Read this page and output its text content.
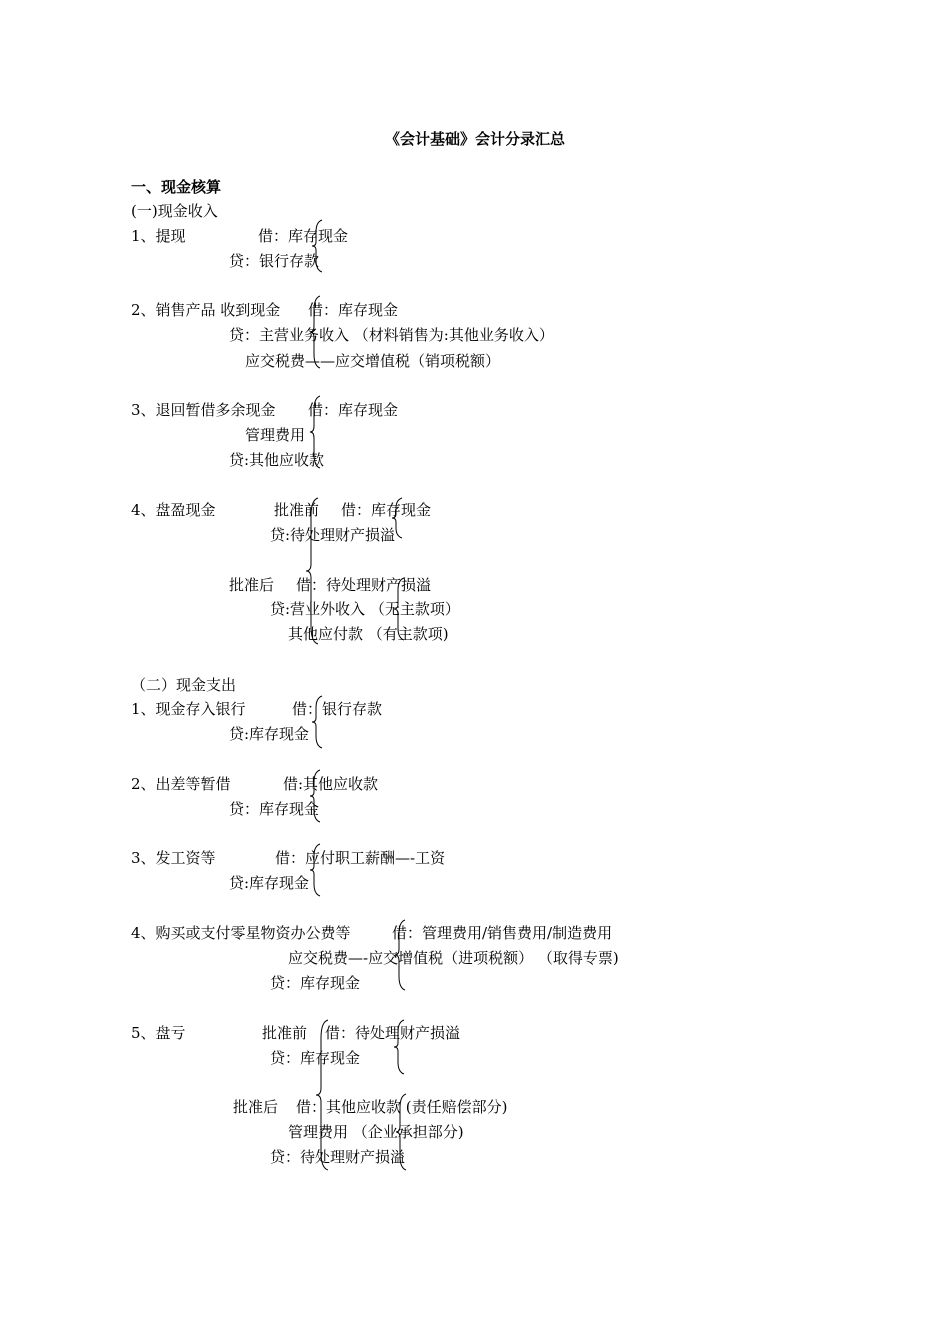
《会计基础》会计分录汇总
一、现金核算
(一)现金收入
1、提现	借：库存现金
贷：银行存款
2、销售产品 收到现金 借：库存现金
贷：主营业务收入 （材料销售为:其他业务收入）
应交税费——应交增值税（销项税额）
3、退回暂借多余现金 借：库存现金
管理费用
贷:其他应收款
4、盘盈现金	批准前 借：库存现金
贷:待处理财产损溢
批准后 借：待处理财产损溢
贷:营业外收入 （无主款项）
其他应付款 （有主款项)
（二）现金支出
1、现金存入银行	借：银行存款
贷:库存现金
2、出差等暂借	借:其他应收款
贷：库存现金
3、发工资等	借：应付职工薪酬—-工资
贷:库存现金
4、购买或支付零星物资办公费等	借：管理费用/销售费用/制造费用
应交税费—-应交增值税（进项税额） （取得专票)
贷：库存现金
5、盘亏	批准前 借：待处理财产损溢
贷：库存现金
批准后 借：其他应收款 (责任赔偿部分)
管理费用 （企业承担部分)
贷：待处理财产损溢
